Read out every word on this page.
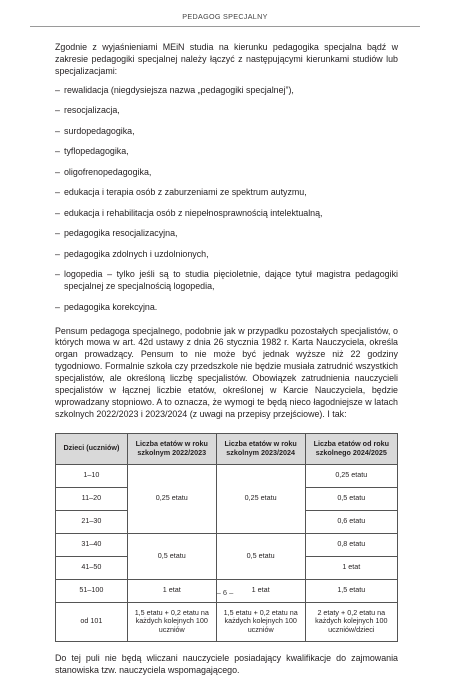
PEDAGOG SPECJALNY

Zgodnie z wyjaśnieniami MEiN studia na kierunku pedagogika specjalna bądź w zakresie pedagogiki specjalnej należy łączyć z następującymi kierunkami studiów lub specjalizacjami:

– rewalidacja (niegdysiejsza nazwa „pedagogiki specjalnej”),
– resocjalizacja,
– surdopedagogika,
– tyflopedagogika,
– oligofrenopedagogika,
– edukacja i terapia osób z zaburzeniami ze spektrum autyzmu,
– edukacja i rehabilitacja osób z niepełnosprawnością intelektualną,
– pedagogika resocjalizacyjna,
– pedagogika zdolnych i uzdolnionych,
– logopedia – tylko jeśli są to studia pięcioletnie, dające tytuł magistra pedagogiki specjalnej ze specjalnością logopedia,
– pedagogika korekcyjna.

Pensum pedagoga specjalnego, podobnie jak w przypadku pozostałych specjalistów, o których mowa w art. 42d ustawy z dnia 26 stycznia 1982 r. Karta Nauczyciela, określa organ prowadzący. Pensum to nie może być jednak wyższe niż 22 godziny tygodniowo. Formalnie szkoła czy przedszkole nie będzie musiała zatrudnić wszystkich specjalistów, ale określoną liczbę specjalistów. Obowiązek zatrudnienia nauczycieli specjalistów w łącznej liczbie etatów, określonej w Karcie Nauczyciela, będzie wprowadzany stopniowo. A to oznacza, że wymogi te będą nieco łagodniejsze w latach szkolnych 2022/2023 i 2023/2024 (z uwagi na przepisy przejściowe). I tak:

Dzieci (uczniów)	Liczba etatów w roku szkolnym 2022/2023	Liczba etatów w roku szkolnym 2023/2024	Liczba etatów od roku szkolnego 2024/2025
1–10	0,25 etatu	0,25 etatu	0,25 etatu
11–20			0,5 etatu
21–30			0,6 etatu
31–40	0,5 etatu	0,5 etatu	0,8 etatu
41–50			1 etat
51–100	1 etat	1 etat	1,5 etatu
od 101	1,5 etatu + 0,2 etatu na każdych kolejnych 100 uczniów	1,5 etatu + 0,2 etatu na każdych kolejnych 100 uczniów	2 etaty + 0,2 etatu na każdych kolejnych 100 uczniów/dzieci

Do tej puli nie będą wliczani nauczyciele posiadający kwalifikacje do zajmowania stanowiska tzw. nauczyciela wspomagającego.

– 6 –
